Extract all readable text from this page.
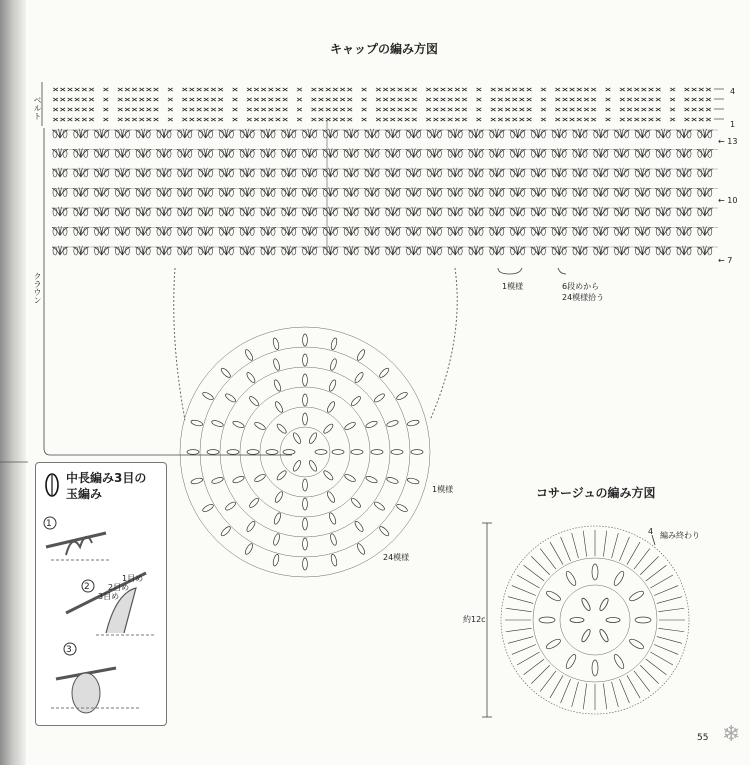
キャップの編み方図
ベルト
クラウン
×××××× × ×××××× × ×××××× × ×××××× × ×××××× × ×××××× ×××××× × ×××××× × ×××××× × ×××××× × ××××
×××××× × ×××××× × ×××××× × ×××××× × ×××××× × ×××××× ×××××× × ×××××× × ×××××× × ×××××× × ××××
×××××× × ×××××× × ×××××× × ×××××× × ×××××× × ×××××× ×××××× × ×××××× × ×××××× × ×××××× × ××××
×××××× × ×××××× × ×××××× × ×××××× × ×××××× × ×××××× ×××××× × ×××××× × ×××××× × ×××××× × ××××
4
1
← 13
← 10
← 7
1模様	6段めから
24模様拾う
1模様
24模様
コサージュの編み方図
編み終わり
4
約12c
中長編み3目の
玉編み
1
2
3
1目め
2目め
3目め
55 ❄
